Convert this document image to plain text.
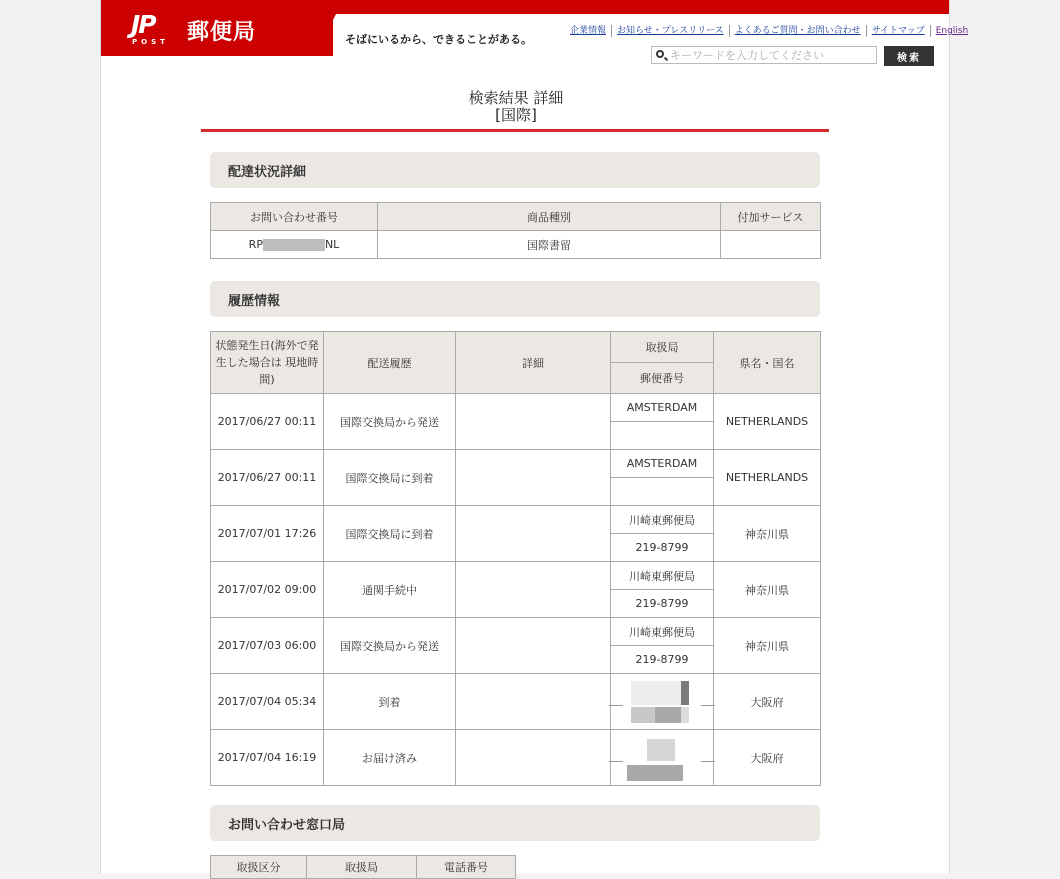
JP
POST 郵便局	そばにいるから、できることがある。
企業情報	お知らせ・プレスリリース	よくあるご質問・お問い合わせ	サイトマップ	English
キーワードを入力してください
検索
検索結果 詳細
[国際]
配達状況詳細
お問い合わせ番号	商品種別	付加サービス
RP NL	国際書留	
履歴情報
状態発生日(海外で発生した場合は 現地時間)	配送履歴	詳細	取扱局	県名・国名
			郵便番号	
2017/06/27 00:11	国際交換局から発送		AMSTERDAM	NETHERLANDS

2017/06/27 00:11	国際交換局に到着		AMSTERDAM	NETHERLANDS

2017/07/01 17:26	国際交換局に到着		川崎東郵便局	神奈川県
			219-8799	
2017/07/02 09:00	通関手続中		川崎東郵便局	神奈川県
			219-8799	
2017/07/03 06:00	国際交換局から発送		川崎東郵便局	神奈川県
			219-8799	
2017/07/04 05:34	到着			大阪府
2017/07/04 16:19	お届け済み			大阪府
お問い合わせ窓口局
取扱区分	取扱局	電話番号
